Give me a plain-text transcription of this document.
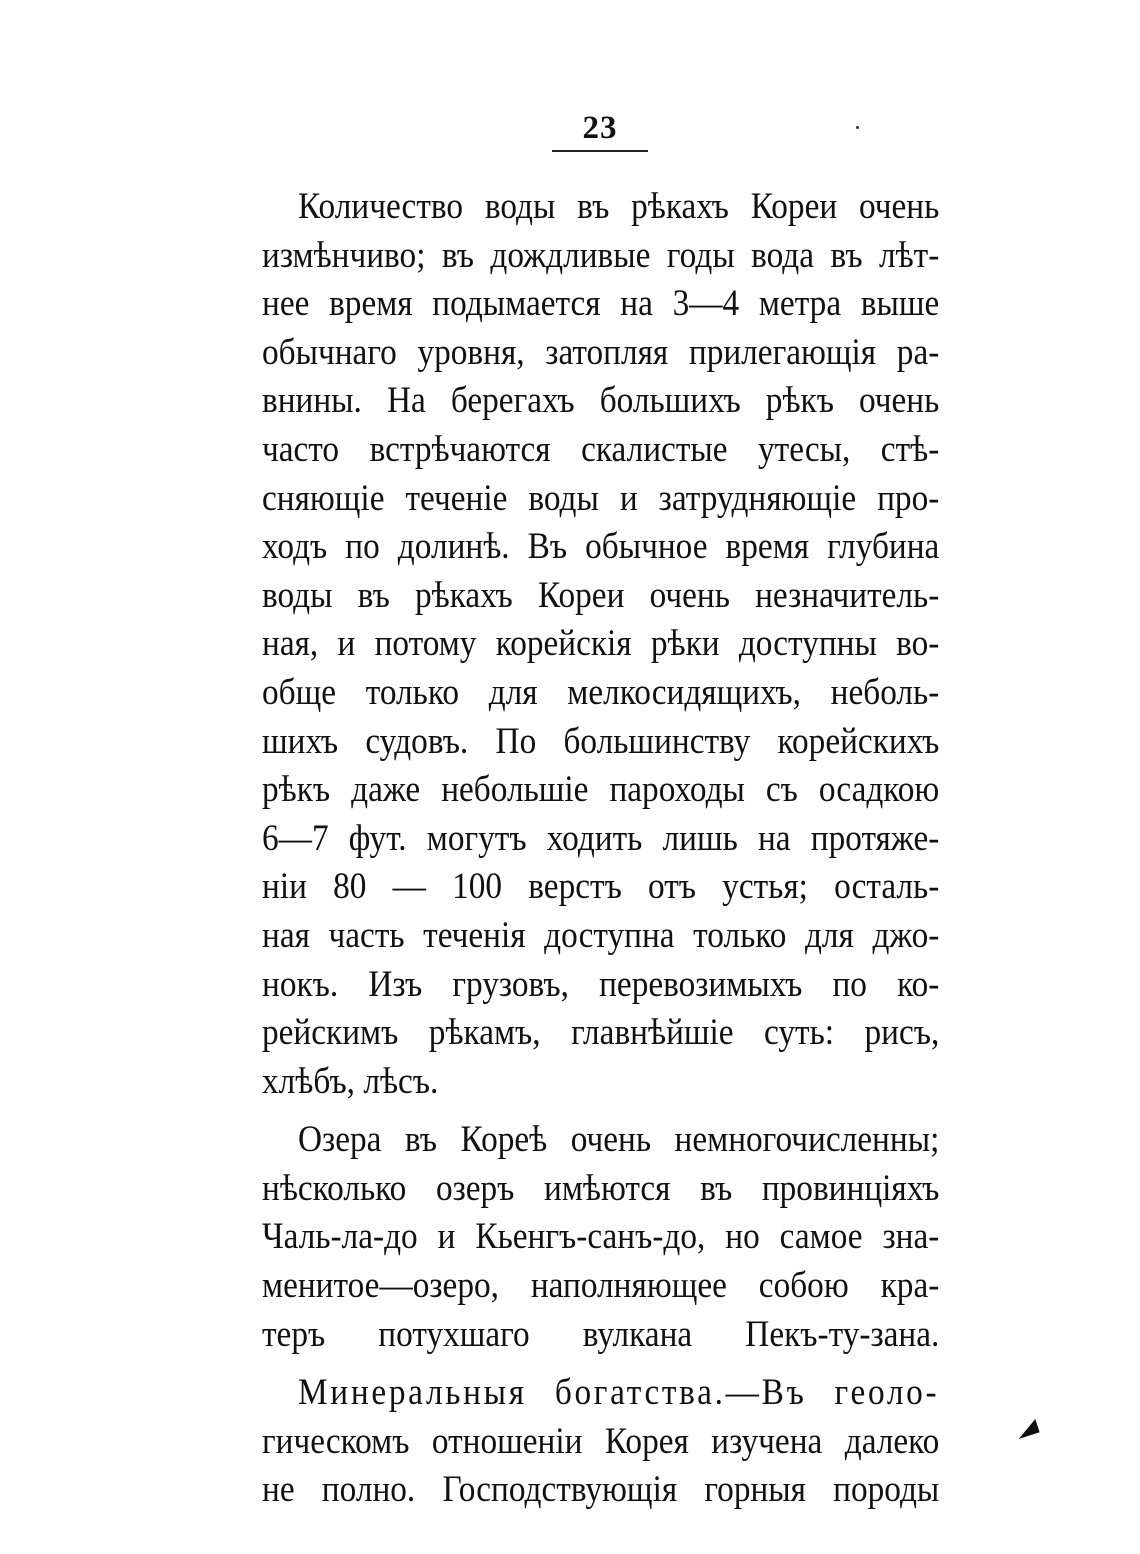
23
Количество воды въ рѣкахъ Кореи очень
измѣнчиво; въ дождливые годы вода въ лѣт-
нее время подымается на 3—4 метра выше
обычнаго уровня, затопляя прилегающія ра-
внины. На берегахъ большихъ рѣкъ очень
часто встрѣчаются скалистые утесы, стѣ-
сняющіе теченіе воды и затрудняющіе про-
ходъ по долинѣ. Въ обычное время глубина
воды въ рѣкахъ Кореи очень незначитель-
ная, и потому корейскія рѣки доступны во-
обще только для мелкосидящихъ, неболь-
шихъ судовъ. По большинству корейскихъ
рѣкъ даже небольшіе пароходы съ осадкою
6—7 фут. могутъ ходить лишь на протяже-
ніи 80 — 100 верстъ отъ устья; осталь-
ная часть теченія доступна только для джо-
нокъ. Изъ грузовъ, перевозимыхъ по ко-
рейскимъ рѣкамъ, главнѣйшіе суть: рисъ,
хлѣбъ, лѣсъ.
Озера въ Кореѣ очень немногочисленны;
нѣсколько озеръ имѣются въ провинціяхъ
Чаль-ла-до и Кьенгъ-санъ-до, но самое зна-
менитое—озеро, наполняющее собою кра-
теръ потухшаго вулкана Пекъ-ту-зана.
Минеральныя богатства.—Въ геоло-
гическомъ отношеніи Корея изучена далеко
не полно. Господствующія горныя породы
